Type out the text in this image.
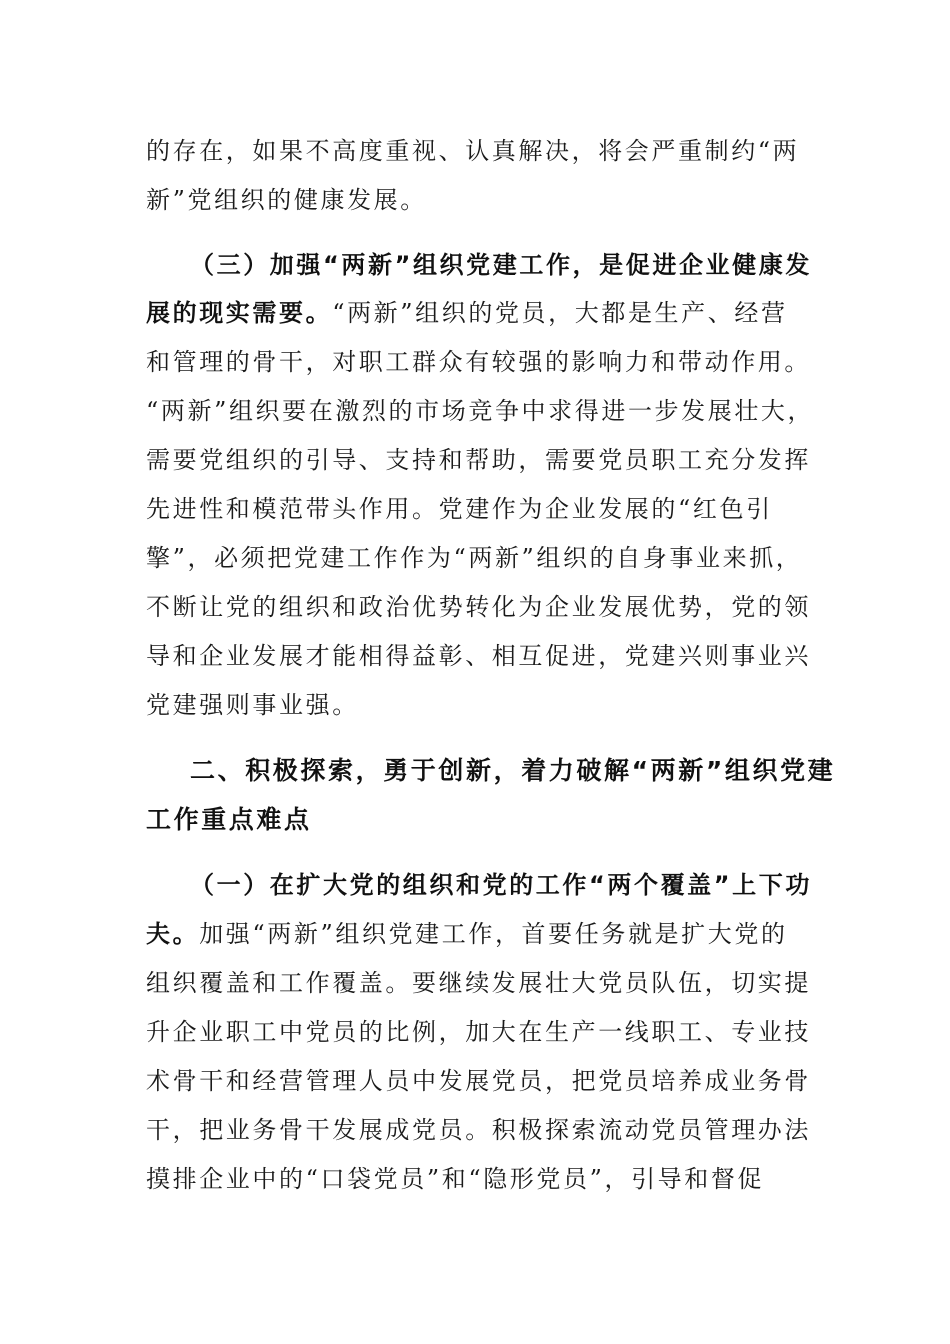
的存在，如果不高度重视、认真解决，将会严重制约“两
新”党组织的健康发展。
（三）加强“两新”组织党建工作，是促进企业健康发
展的现实需要。“两新”组织的党员，大都是生产、经营
和管理的骨干，对职工群众有较强的影响力和带动作用。
“两新”组织要在激烈的市场竞争中求得进一步发展壮大，
需要党组织的引导、支持和帮助，需要党员职工充分发挥
先进性和模范带头作用。党建作为企业发展的“红色引
擎”，必须把党建工作作为“两新”组织的自身事业来抓，
不断让党的组织和政治优势转化为企业发展优势，党的领
导和企业发展才能相得益彰、相互促进，党建兴则事业兴
党建强则事业强。
二、积极探索，勇于创新，着力破解“两新”组织党建
工作重点难点
（一）在扩大党的组织和党的工作“两个覆盖”上下功
夫。加强“两新”组织党建工作，首要任务就是扩大党的
组织覆盖和工作覆盖。要继续发展壮大党员队伍，切实提
升企业职工中党员的比例，加大在生产一线职工、专业技
术骨干和经营管理人员中发展党员，把党员培养成业务骨
干，把业务骨干发展成党员。积极探索流动党员管理办法
摸排企业中的“口袋党员”和“隐形党员”，引导和督促
